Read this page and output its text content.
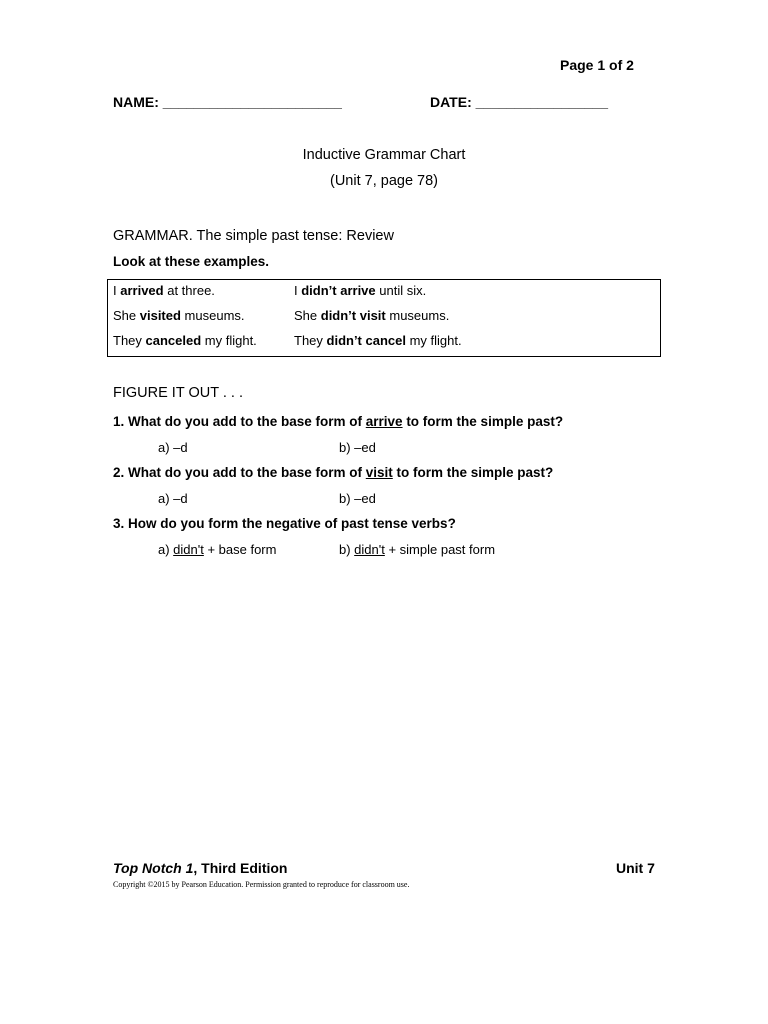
Page 1 of 2
NAME: _______________________	DATE: _________________
Inductive Grammar Chart
(Unit 7, page 78)
GRAMMAR. The simple past tense: Review
Look at these examples.
I arrived at three.	I didn’t arrive until six.
She visited museums.	She didn’t visit museums.
They canceled my flight.	They didn’t cancel my flight.
FIGURE IT OUT . . .
1. What do you add to the base form of arrive to form the simple past?
a) –d	b) –ed
2. What do you add to the base form of visit to form the simple past?
a) –d	b) –ed
3. How do you form the negative of past tense verbs?
a) didn't + base form	b) didn't + simple past form
Top Notch 1, Third Edition	Unit 7
Copyright ©2015 by Pearson Education. Permission granted to reproduce for classroom use.
